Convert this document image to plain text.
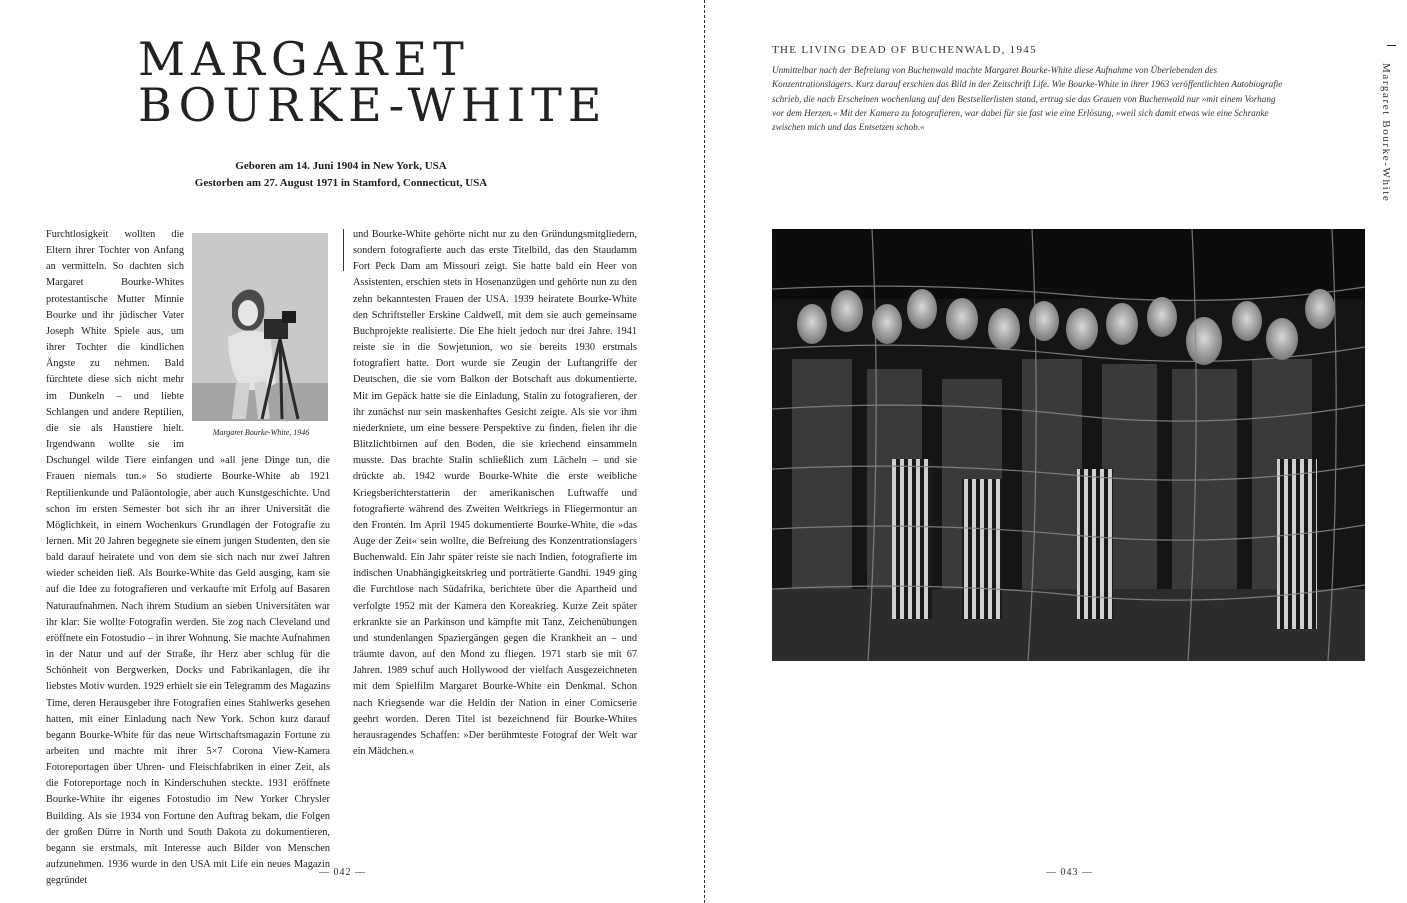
MARGARET
BOURKE-WHITE
Geboren am 14. Juni 1904 in New York, USA
Gestorben am 27. August 1971 in Stamford, Connecticut, USA
Margaret Bourke-White, 1946

Furchtlosigkeit wollten die Eltern ihrer Tochter von Anfang an vermitteln. So dachten sich Margaret Bourke-Whites protestantische Mutter Minnie Bourke und ihr jüdischer Vater Joseph White Spiele aus, um ihrer Tochter die kindlichen Ängste zu nehmen. Bald fürchtete diese sich nicht mehr im Dunkeln – und liebte Schlangen und andere Reptilien, die sie als Haustiere hielt. Irgendwann wollte sie im Dschungel wilde Tiere einfangen und »all jene Dinge tun, die Frauen niemals tun.« So studierte Bourke-White ab 1921 Reptilienkunde und Paläontologie, aber auch Kunstgeschichte. Und schon im ersten Semester bot sich ihr an ihrer Universität die Möglichkeit, in einem Wochenkurs Grundlagen der Fotografie zu lernen. Mit 20 Jahren begegnete sie einem jungen Studenten, den sie bald darauf heiratete und von dem sie sich nach nur zwei Jahren wieder scheiden ließ. Als Bourke-White das Geld ausging, kam sie auf die Idee zu fotografieren und verkaufte mit Erfolg auf Basaren Naturaufnahmen. Nach ihrem Studium an sieben Universitäten war ihr klar: Sie wollte Fotografin werden. Sie zog nach Cleveland und eröffnete ein Fotostudio – in ihrer Wohnung. Sie machte Aufnahmen in der Natur und auf der Straße, ihr Herz aber schlug für die Schönheit von Bergwerken, Docks und Fabrikanlagen, die ihr liebstes Motiv wurden. 1929 erhielt sie ein Telegramm des Magazins Time, deren Herausgeber ihre Fotografien eines Stahlwerks gesehen hatten, mit einer Einladung nach New York. Schon kurz darauf begann Bourke-White für das neue Wirtschaftsmagazin Fortune zu arbeiten und machte mit ihrer 5×7 Corona View-Kamera Fotoreportagen über Uhren- und Fleischfabriken in einer Zeit, als die Fotoreportage noch in Kinderschuhen steckte. 1931 eröffnete Bourke-White ihr eigenes Fotostudio im New Yorker Chrysler Building. Als sie 1934 von Fortune den Auftrag bekam, die Folgen der großen Dürre in North und South Dakota zu dokumentieren, begann sie erstmals, mit Interesse auch Bilder von Menschen aufzunehmen. 1936 wurde in den USA mit Life ein neues Magazin gegründet

und Bourke-White gehörte nicht nur zu den Gründungsmitgliedern, sondern fotografierte auch das erste Titelbild, das den Staudamm Fort Peck Dam am Missouri zeigt. Sie hatte bald ein Heer von Assistenten, erschien stets in Hosenanzügen und gehörte nun zu den zehn bekanntesten Frauen der USA. 1939 heiratete Bourke-White den Schriftsteller Erskine Caldwell, mit dem sie auch gemeinsame Buchprojekte realisierte. Die Ehe hielt jedoch nur drei Jahre. 1941 reiste sie in die Sowjetunion, wo sie bereits 1930 erstmals fotografiert hatte. Dort wurde sie Zeugin der Luftangriffe der Deutschen, die sie vom Balkon der Botschaft aus dokumentierte. Mit im Gepäck hatte sie die Einladung, Stalin zu fotografieren, der ihr zunächst nur sein maskenhaftes Gesicht zeigte. Als sie vor ihm niederkniete, um eine bessere Perspektive zu finden, fielen ihr die Blitzlichtbirnen auf den Boden, die sie kriechend einsammeln musste. Das brachte Stalin schließlich zum Lächeln – und sie drückte ab. 1942 wurde Bourke-White die erste weibliche Kriegsberichterstatterin der amerikanischen Luftwaffe und fotografierte während des Zweiten Weltkriegs in Fliegermontur an den Fronten. Im April 1945 dokumentierte Bourke-White, die »das Auge der Zeit« sein wollte, die Befreiung des Konzentrationslagers Buchenwald. Ein Jahr später reiste sie nach Indien, fotografierte im indischen Unabhängigkeitskrieg und porträtierte Gandhi. 1949 ging die Furchtlose nach Südafrika, berichtete über die Apartheid und verfolgte 1952 mit der Kamera den Koreakrieg. Kurze Zeit später erkrankte sie an Parkinson und kämpfte mit Tanz, Zeichenübungen und stundenlangen Spaziergängen gegen die Krankheit an – und träumte davon, auf den Mond zu fliegen. 1971 starb sie mit 67 Jahren. 1989 schuf auch Hollywood der vielfach Ausgezeichneten mit dem Spielfilm Margaret Bourke-White ein Denkmal. Schon nach Kriegsende war die Heldin der Nation in einer Comicserie geehrt worden. Deren Titel ist bezeichnend für Bourke-Whites herausragendes Schaffen: »Der berühmteste Fotograf der Welt war ein Mädchen.«

— 042 —
THE LIVING DEAD OF BUCHENWALD, 1945
Unmittelbar nach der Befreiung von Buchenwald machte Margaret Bourke-White diese Aufnahme von Überlebenden des Konzentrationslagers. Kurz darauf erschien das Bild in der Zeitschrift Life. Wie Bourke-White in ihrer 1963 veröffentlichten Autobiografie schrieb, die nach Erscheinen wochenlang auf den Bestsellerlisten stand, ertrug sie das Grauen von Buchenwald nur »mit einem Vorhang vor dem Herzen.« Mit der Kamera zu fotografieren, war dabei für sie fast wie eine Erlösung, »weil sich damit etwas wie eine Schranke zwischen mich und das Entsetzen schob.«	Margaret Bourke-White
— 043 —
